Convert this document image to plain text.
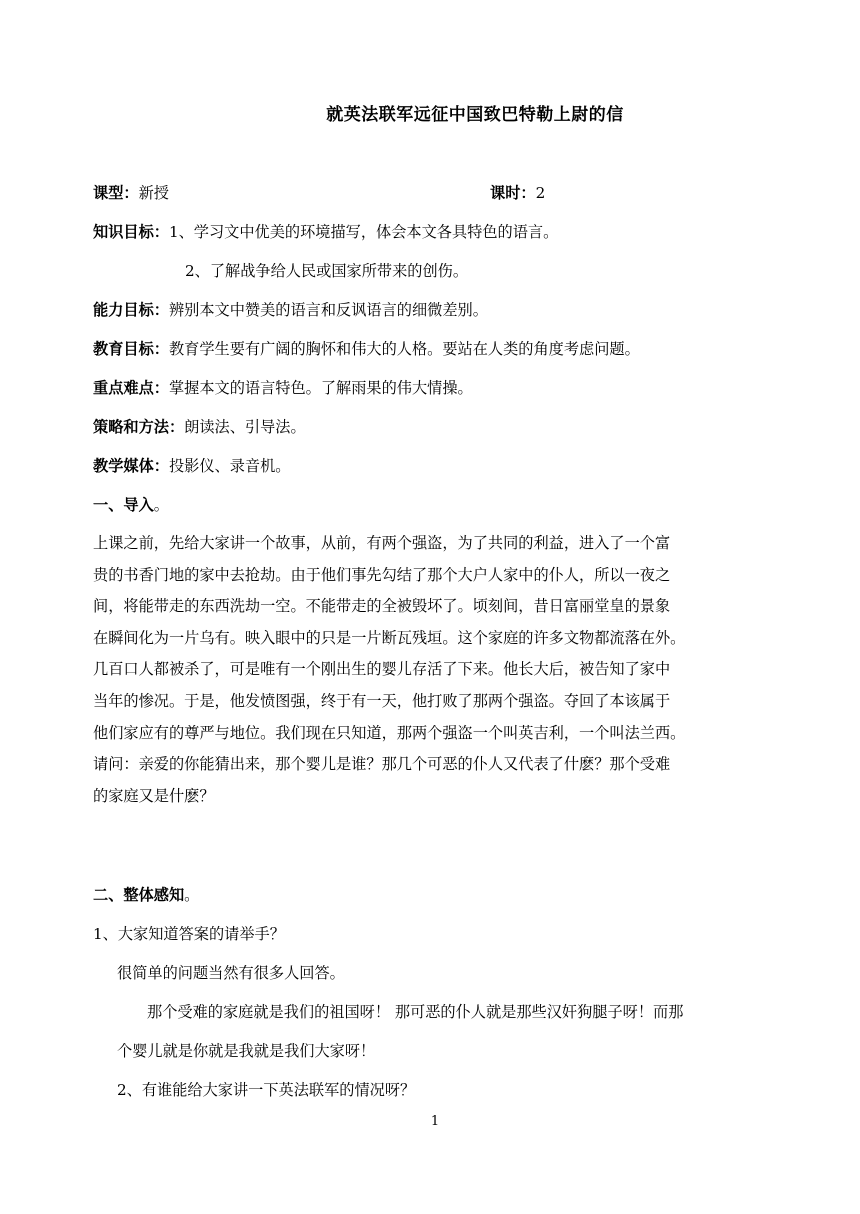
就英法联军远征中国致巴特勒上尉的信
课型：新授	课时：2
知识目标：1、学习文中优美的环境描写，体会本文各具特色的语言。
2、了解战争给人民或国家所带来的创伤。
能力目标：辨别本文中赞美的语言和反讽语言的细微差别。
教育目标：教育学生要有广阔的胸怀和伟大的人格。要站在人类的角度考虑问题。
重点难点：掌握本文的语言特色。了解雨果的伟大情操。
策略和方法：朗读法、引导法。
教学媒体：投影仪、录音机。
一、导入。
上课之前，先给大家讲一个故事，从前，有两个强盗，为了共同的利益，进入了一个富
贵的书香门地的家中去抢劫。由于他们事先勾结了那个大户人家中的仆人，所以一夜之
间，将能带走的东西洗劫一空。不能带走的全被毁坏了。顷刻间，昔日富丽堂皇的景象
在瞬间化为一片乌有。映入眼中的只是一片断瓦残垣。这个家庭的许多文物都流落在外。
几百口人都被杀了，可是唯有一个刚出生的婴儿存活了下来。他长大后，被告知了家中
当年的惨况。于是，他发愤图强，终于有一天，他打败了那两个强盗。夺回了本该属于
他们家应有的尊严与地位。我们现在只知道，那两个强盗一个叫英吉利，一个叫法兰西。
请问：亲爱的你能猜出来，那个婴儿是谁？那几个可恶的仆人又代表了什麽？那个受难
的家庭又是什麽？
二、整体感知。
1、大家知道答案的请举手？
很简单的问题当然有很多人回答。
那个受难的家庭就是我们的祖国呀！ 那可恶的仆人就是那些汉奸狗腿子呀！而那
个婴儿就是你就是我就是我们大家呀！
2、有谁能给大家讲一下英法联军的情况呀？
1
